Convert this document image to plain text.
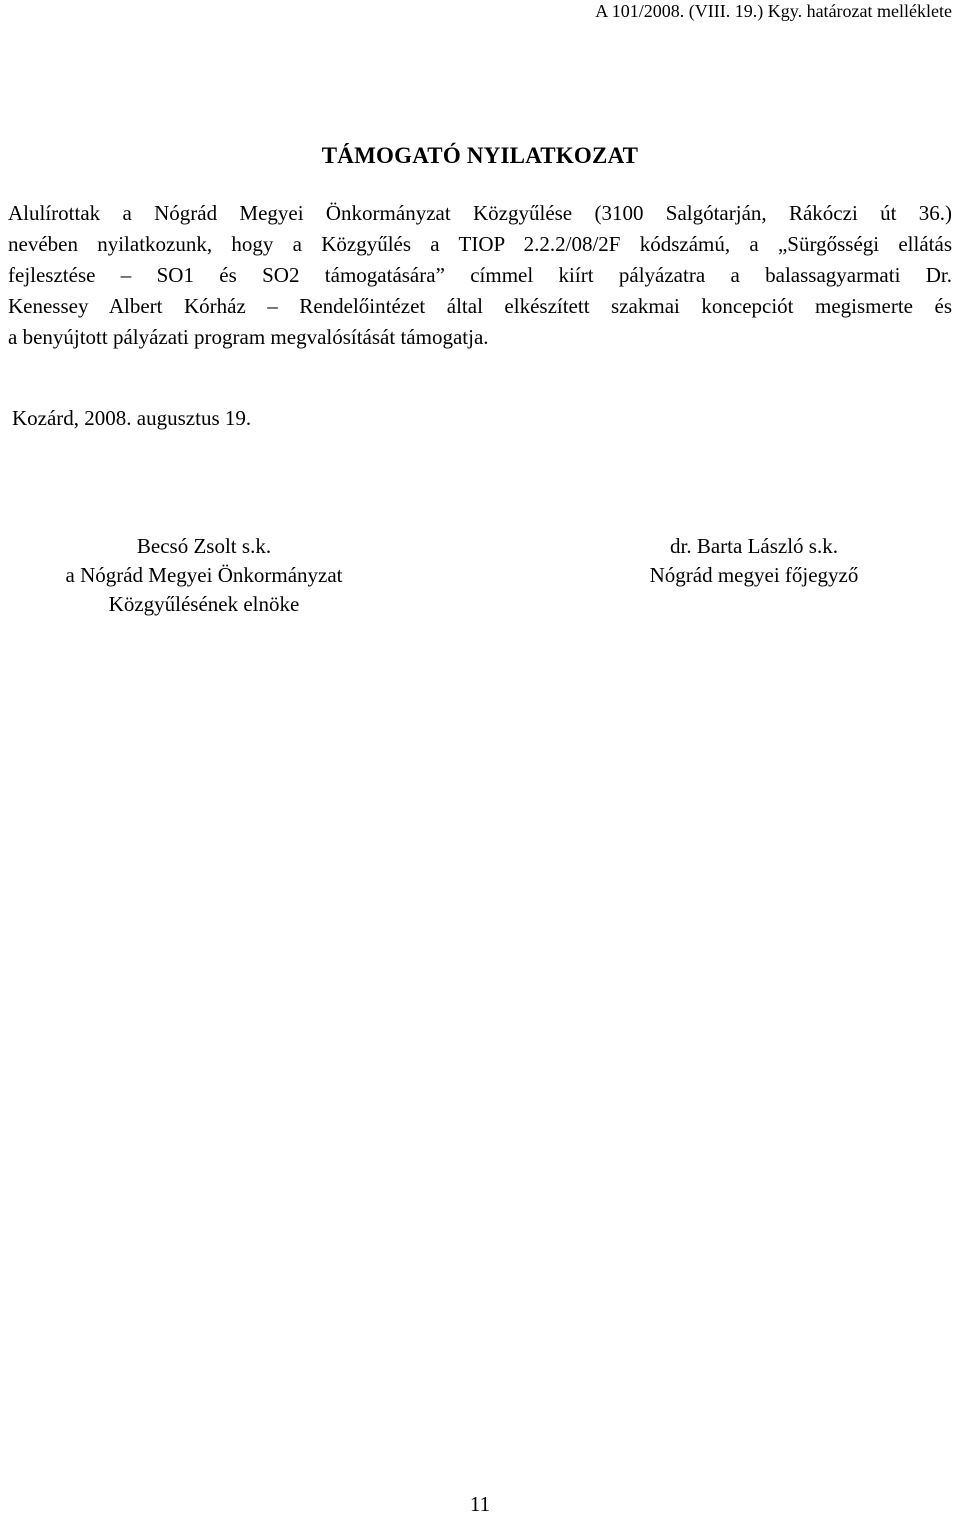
A 101/2008. (VIII. 19.) Kgy. határozat melléklete
TÁMOGATÓ NYILATKOZAT
Alulírottak a Nógrád Megyei Önkormányzat Közgyűlése (3100 Salgótarján, Rákóczi út 36.)
nevében nyilatkozunk, hogy a Közgyűlés a TIOP 2.2.2/08/2F kódszámú, a „Sürgősségi ellátás
fejlesztése – SO1 és SO2 támogatására” címmel kiírt pályázatra a balassagyarmati Dr.
Kenessey Albert Kórház – Rendelőintézet által elkészített szakmai koncepciót megismerte és
a benyújtott pályázati program megvalósítását támogatja.
Kozárd, 2008. augusztus 19.
Becsó Zsolt s.k.
a Nógrád Megyei Önkormányzat
Közgyűlésének elnöke
dr. Barta László s.k.
Nógrád megyei főjegyző
11
